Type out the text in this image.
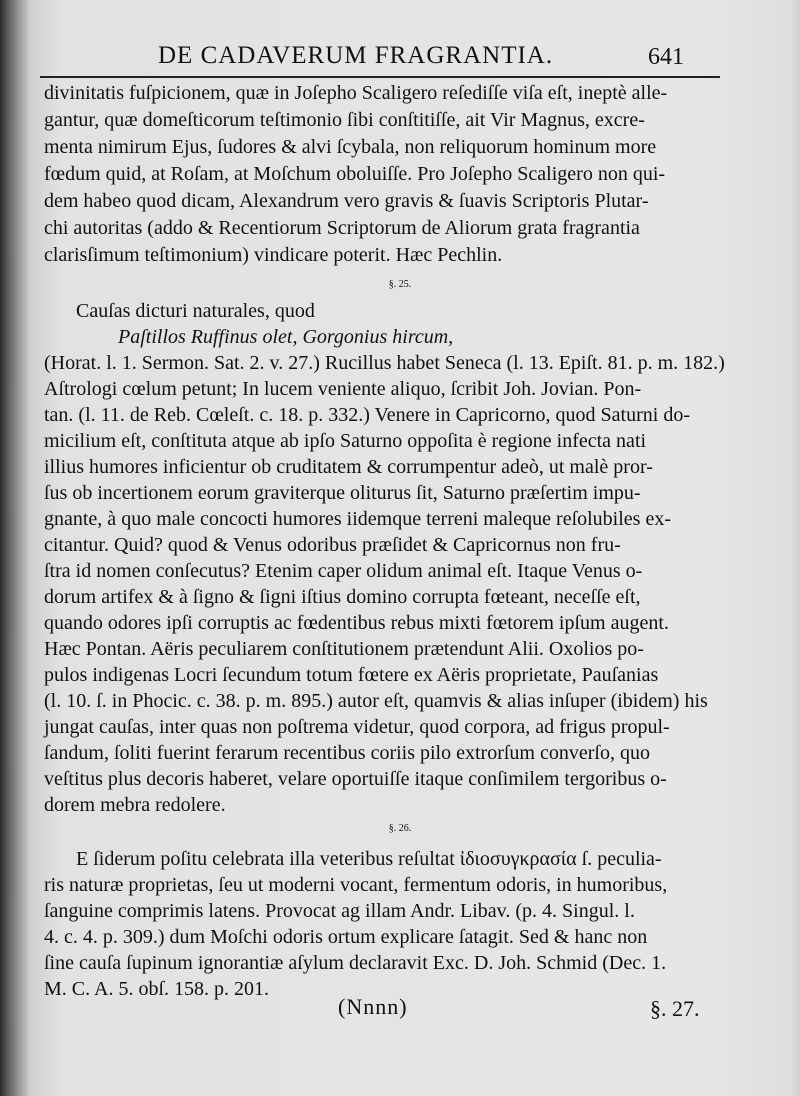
DE CADAVERUM FRAGRANTIA.	641
divinitatis fuſpicionem, quæ in Joſepho Scaligero reſediſſe viſa eſt, ineptè alle-
gantur, quæ domeſticorum teſtimonio ſibi conſtitiſſe, ait Vir Magnus, excre-
menta nimirum Ejus, ſudores & alvi ſcybala, non reliquorum hominum more
fœdum quid, at Roſam, at Moſchum oboluiſſe. Pro Joſepho Scaligero non qui-
dem habeo quod dicam, Alexandrum vero gravis & ſuavis Scriptoris Plutar-
chi autoritas (addo & Recentiorum Scriptorum de Aliorum grata fragrantia
clarisſimum teſtimonium) vindicare poterit. Hæc Pechlin.
§. 25.
Cauſas dicturi naturales, quod
Paſtillos Ruffinus olet, Gorgonius hircum,
(Horat. l. 1. Sermon. Sat. 2. v. 27.) Rucillus habet Seneca (l. 13. Epiſt. 81. p. m. 182.)
Aſtrologi cœlum petunt; In lucem veniente aliquo, ſcribit Joh. Jovian. Pon-
tan. (l. 11. de Reb. Cœleſt. c. 18. p. 332.) Venere in Capricorno, quod Saturni do-
micilium eſt, conſtituta atque ab ipſo Saturno oppoſita è regione infecta nati
illius humores inficientur ob cruditatem & corrumpentur adeò, ut malè pror-
ſus ob incertionem eorum graviterque oliturus ſit, Saturno præſertim impu-
gnante, à quo male concocti humores iidemque terreni maleque reſolubiles ex-
citantur. Quid? quod & Venus odoribus præſidet & Capricornus non fru-
ſtra id nomen conſecutus? Etenim caper olidum animal eſt. Itaque Venus o-
dorum artifex & à ſigno & ſigni iſtius domino corrupta fœteant, neceſſe eſt,
quando odores ipſi corruptis ac fœdentibus rebus mixti fœtorem ipſum augent.
Hæc Pontan. Aëris peculiarem conſtitutionem prætendunt Alii. Oxolios po-
pulos indigenas Locri ſecundum totum fœtere ex Aëris proprietate, Pauſanias
(l. 10. ſ. in Phocic. c. 38. p. m. 895.) autor eſt, quamvis & alias inſuper (ibidem) his
jungat cauſas, inter quas non poſtrema videtur, quod corpora, ad frigus propul-
ſandum, ſoliti fuerint ferarum recentibus coriis pilo extrorſum converſo, quo
veſtitus plus decoris haberet, velare oportuiſſe itaque conſimilem tergoribus o-
dorem mebra redolere.
§. 26.
E ſiderum poſitu celebrata illa veteribus reſultat ἰδιοσυγκρασία ſ. peculia-
ris naturæ proprietas, ſeu ut moderni vocant, fermentum odoris, in humoribus,
ſanguine comprimis latens. Provocat ag illam Andr. Libav. (p. 4. Singul. l.
4. c. 4. p. 309.) dum Moſchi odoris ortum explicare ſatagit. Sed & hanc non
ſine cauſa ſupinum ignorantiæ aſylum declaravit Exc. D. Joh. Schmid (Dec. 1.
M. C. A. 5. obſ. 158. p. 201.
(Nnnn)	§. 27.
